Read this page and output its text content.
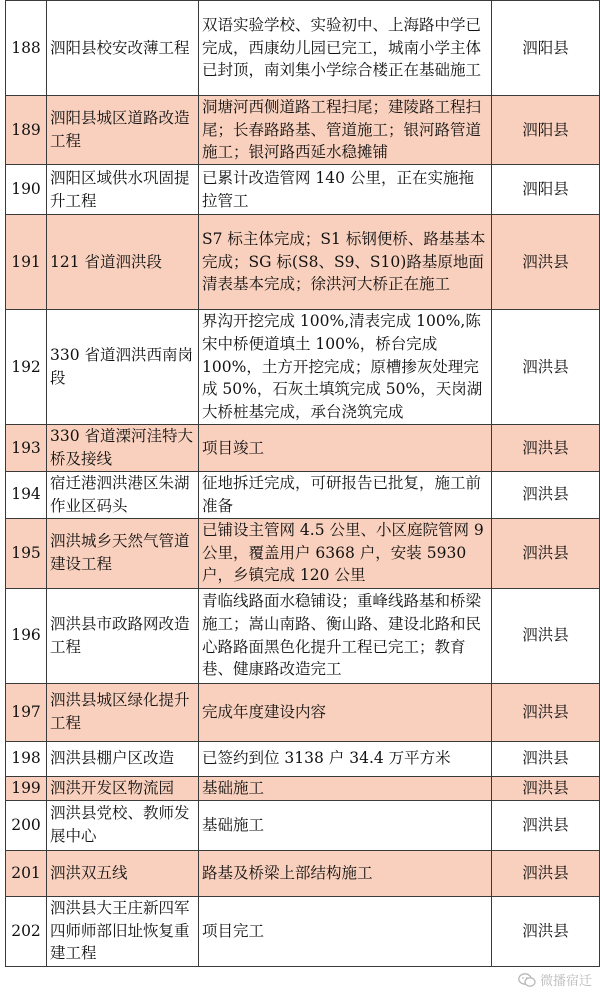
188	泗阳县校安改薄工程	双语实验学校、实验初中、上海路中学已完成，西康幼儿园已完工，城南小学主体已封顶，南刘集小学综合楼正在基础施工	泗阳县
189	泗阳县城区道路改造工程	洞塘河西侧道路工程扫尾；建陵路工程扫尾；长春路路基、管道施工；银河路管道施工；银河路西延水稳摊铺	泗阳县
190	泗阳区域供水巩固提升工程	已累计改造管网 140 公里，正在实施拖拉管工	泗阳县
191	121 省道泗洪段	S7 标主体完成；S1 标钢便桥、路基基本完成；SG 标(S8、S9、S10)路基原地面清表基本完成；徐洪河大桥正在施工	泗洪县
192	330 省道泗洪西南岗段	界沟开挖完成 100%,清表完成 100%,陈宋中桥便道填土 100%，桥台完成 100%，土方开挖完成；原槽掺灰处理完成 50%，石灰土填筑完成 50%，天岗湖大桥桩基完成，承台浇筑完成	泗洪县
193	330 省道溧河洼特大桥及接线	项目竣工	泗洪县
194	宿迁港泗洪港区朱湖作业区码头	征地拆迁完成，可研报告已批复，施工前准备	泗洪县
195	泗洪城乡天然气管道建设工程	已铺设主管网 4.5 公里、小区庭院管网 9 公里，覆盖用户 6368 户，安装 5930 户，乡镇完成 120 公里	泗洪县
196	泗洪县市政路网改造工程	青临线路面水稳铺设；重峰线路基和桥梁施工；嵩山南路、衡山路、建设北路和民心路路面黑色化提升工程已完工；教育巷、健康路改造完工	泗洪县
197	泗洪县城区绿化提升工程	完成年度建设内容	泗洪县
198	泗洪县棚户区改造	已签约到位 3138 户 34.4 万平方米	泗洪县
199	泗洪开发区物流园	基础施工	泗洪县
200	泗洪县党校、教师发展中心	基础施工	泗洪县
201	泗洪双五线	路基及桥梁上部结构施工	泗洪县
202	泗洪县大王庄新四军四师师部旧址恢复重建工程	项目完工	泗洪县
微播宿迁
